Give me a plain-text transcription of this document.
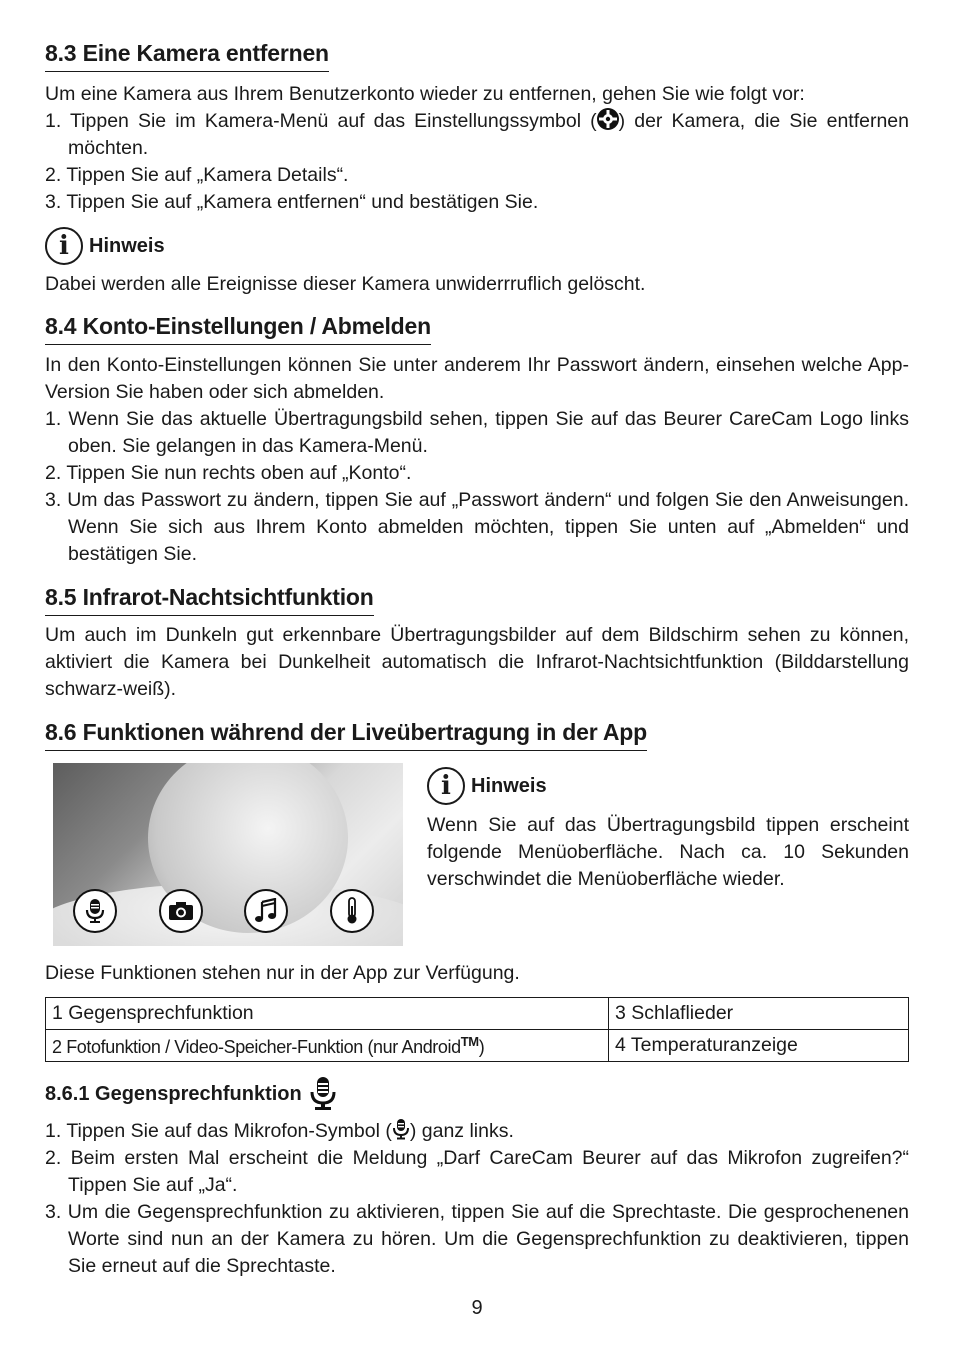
8.3 Eine Kamera entfernen

Um eine Kamera aus Ihrem Benutzerkonto wieder zu entfernen, gehen Sie wie folgt vor:

1. Tippen Sie im Kamera-Menü auf das Einstellungssymbol ( ) der Kamera, die Sie entfernen möchten.
2. Tippen Sie auf „Kamera Details“.
3. Tippen Sie auf „Kamera entfernen“ und bestätigen Sie.
i	Hinweis

Dabei werden alle Ereignisse dieser Kamera unwiderrruflich gelöscht.

8.4 Konto-Einstellungen / Abmelden

In den Konto-Einstellungen können Sie unter anderem Ihr Passwort ändern, einsehen welche App-Version Sie haben oder sich abmelden.

1. Wenn Sie das aktuelle Übertragungsbild sehen, tippen Sie auf das Beurer CareCam Logo links oben. Sie gelangen in das Kamera-Menü.
2. Tippen Sie nun rechts oben auf „Konto“.
3. Um das Passwort zu ändern, tippen Sie auf „Passwort ändern“ und folgen Sie den Anweisungen. Wenn Sie sich aus Ihrem Konto abmelden möchten, tippen Sie unten auf „Abmelden“ und bestätigen Sie.
8.5 Infrarot-Nachtsichtfunktion

Um auch im Dunkeln gut erkennbare Übertragungsbilder auf dem Bildschirm sehen zu können, aktiviert die Kamera bei Dunkelheit automatisch die Infrarot-Nachtsichtfunktion (Bilddarstellung schwarz-weiß).

8.6 Funktionen während der Liveübertragung in der App
i	Hinweis

Wenn Sie auf das Übertragungsbild tippen erscheint folgende Menüoberfläche. Nach ca. 10 Sekunden verschwindet die Menüoberfläche wieder.

Diese Funktionen stehen nur in der App zur Verfügung.

1 Gegensprechfunktion	3 Schlaflieder
2 Fotofunktion / Video-Speicher-Funktion (nur Android™)	4 Temperaturanzeige
8.6.1 Gegensprechfunktion
1. Tippen Sie auf das Mikrofon-Symbol ( ) ganz links.
2. Beim ersten Mal erscheint die Meldung „Darf CareCam Beurer auf das Mikrofon zugreifen?“ Tippen Sie auf „Ja“.
3. Um die Gegensprechfunktion zu aktivieren, tippen Sie auf die Sprechtaste. Die gesprochenenen Worte sind nun an der Kamera zu hören. Um die Gegensprechfunktion zu deaktivieren, tippen Sie erneut auf die Sprechtaste.
9
